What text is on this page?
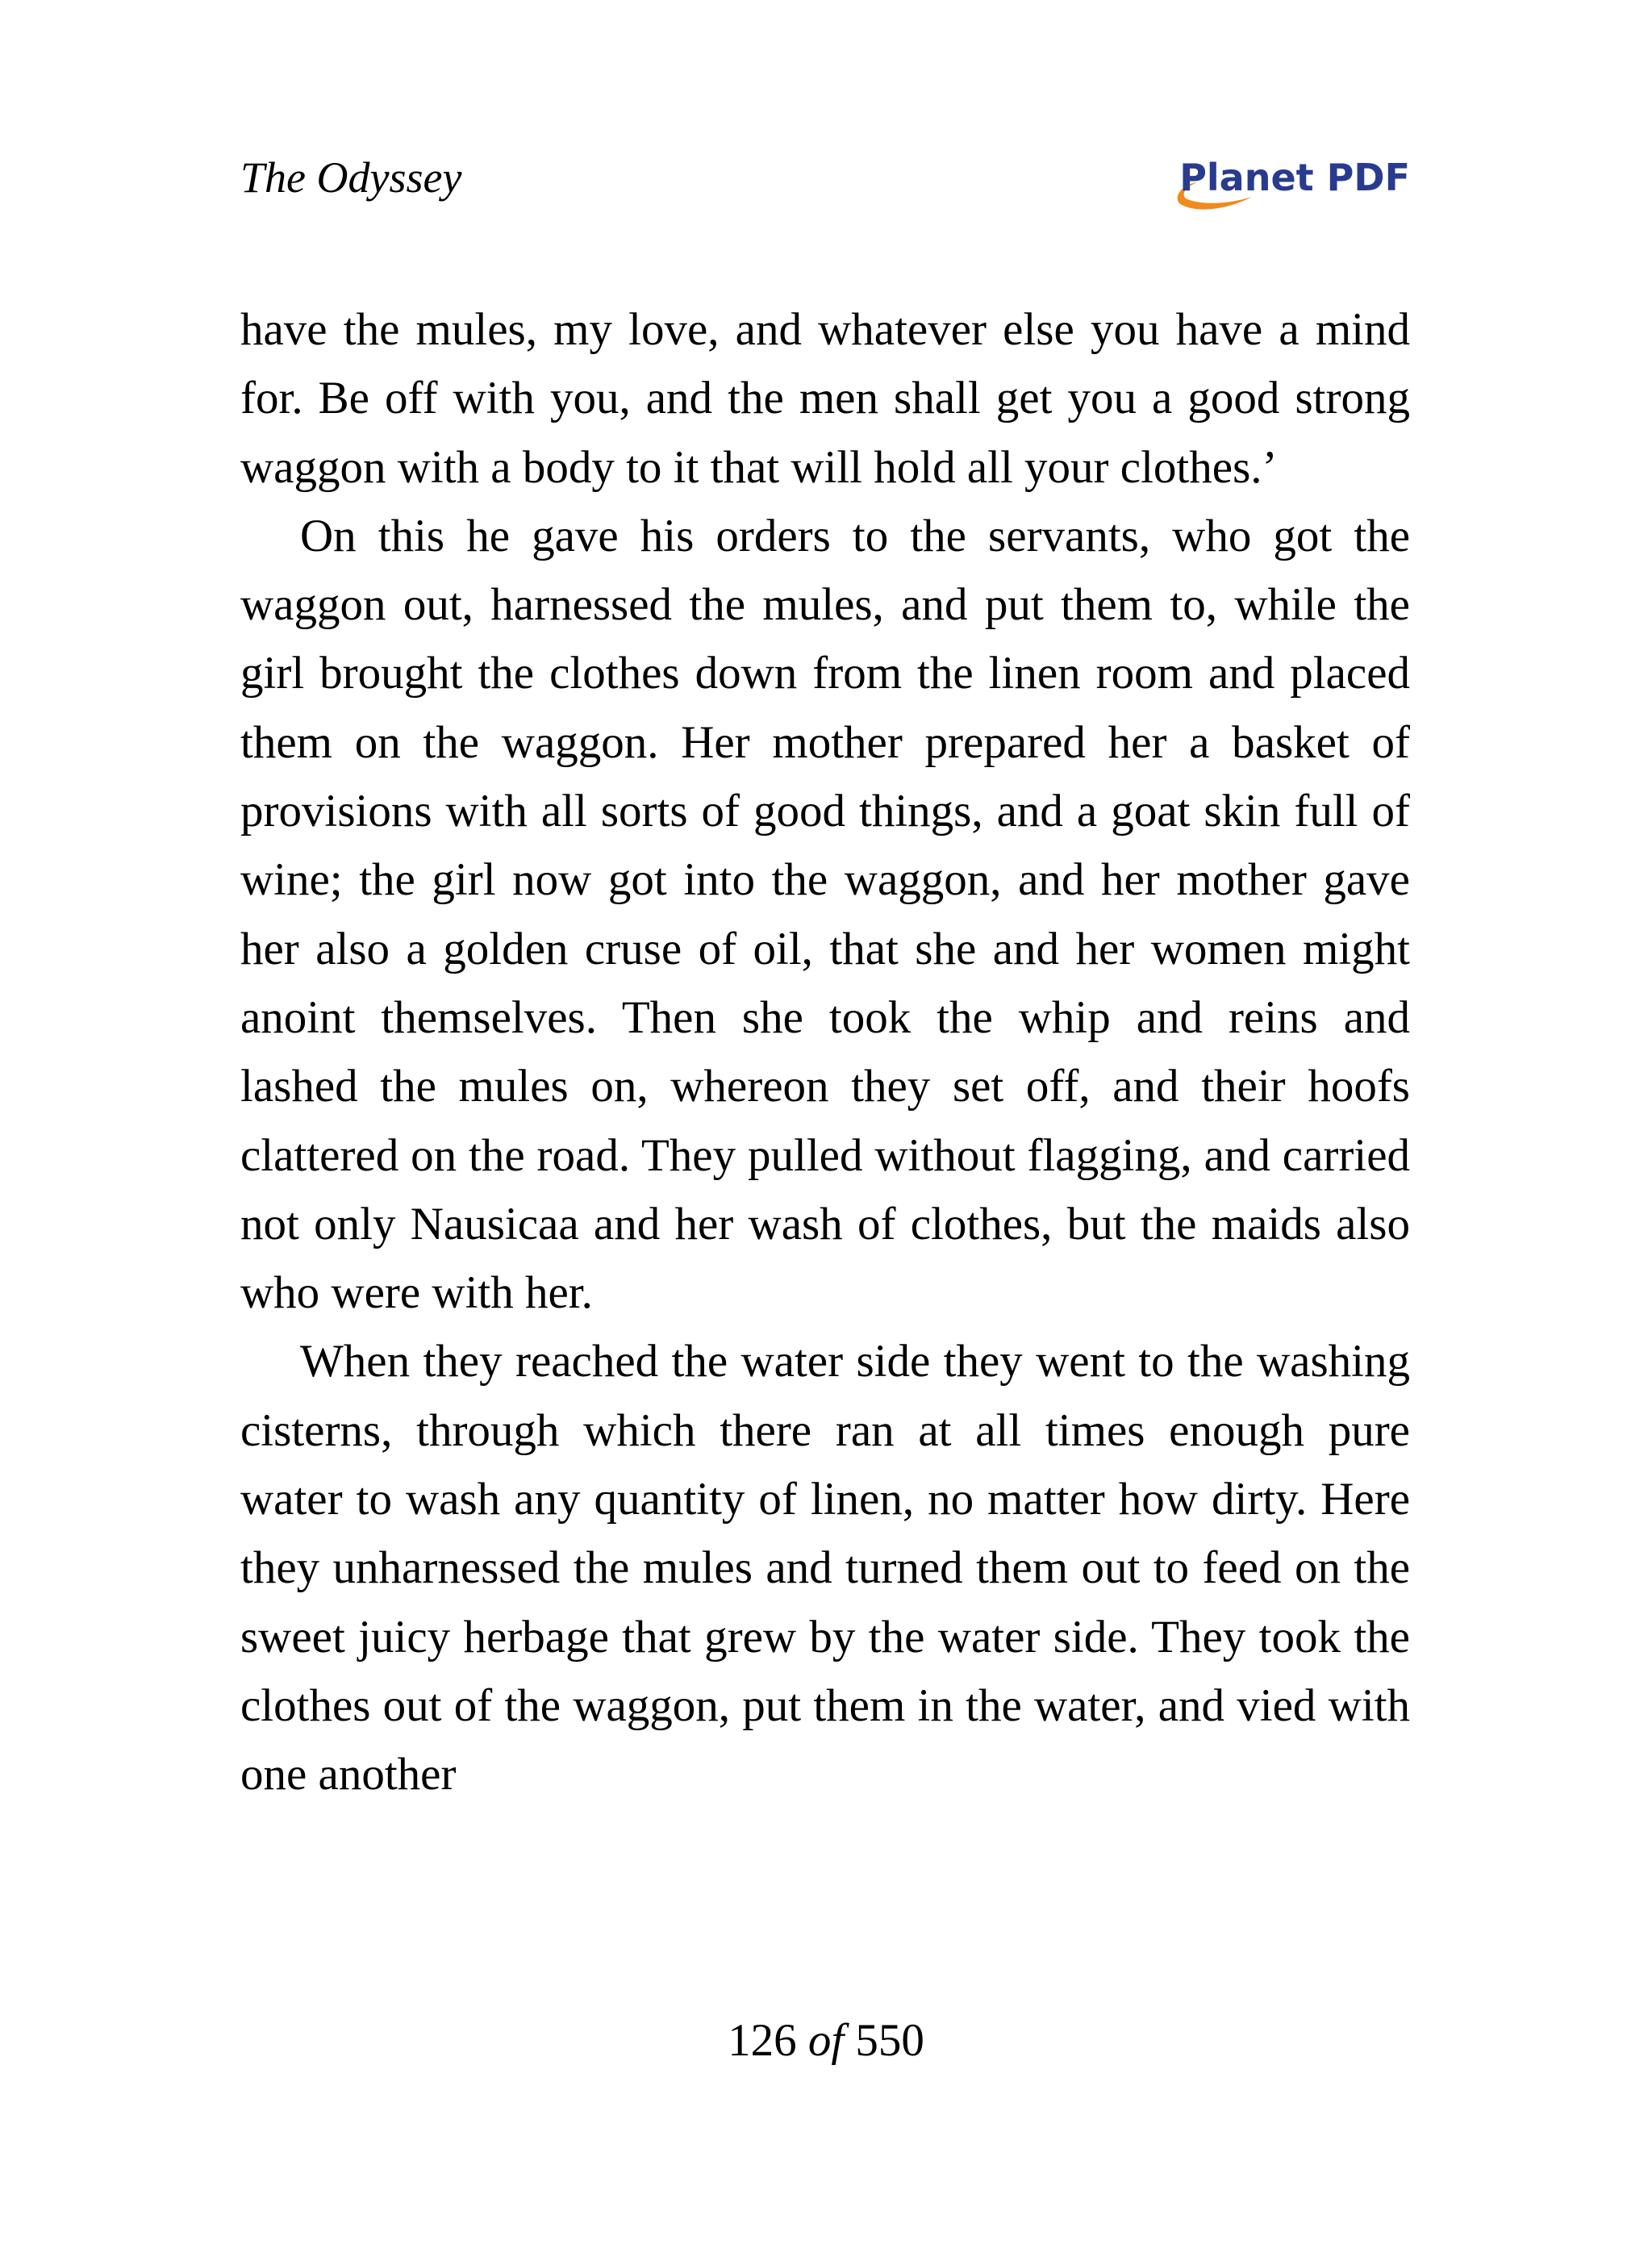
The Odyssey	Planet PDF

have the mules, my love, and whatever else you have a mind for. Be off with you, and the men shall get you a good strong waggon with a body to it that will hold all your clothes.’

On this he gave his orders to the servants, who got the waggon out, harnessed the mules, and put them to, while the girl brought the clothes down from the linen room and placed them on the waggon. Her mother prepared her a basket of provisions with all sorts of good things, and a goat skin full of wine; the girl now got into the waggon, and her mother gave her also a golden cruse of oil, that she and her women might anoint themselves. Then she took the whip and reins and lashed the mules on, whereon they set off, and their hoofs clattered on the road. They pulled without flagging, and carried not only Nausicaa and her wash of clothes, but the maids also who were with her.

When they reached the water side they went to the washing cisterns, through which there ran at all times enough pure water to wash any quantity of linen, no matter how dirty. Here they unharnessed the mules and turned them out to feed on the sweet juicy herbage that grew by the water side. They took the clothes out of the waggon, put them in the water, and vied with one another

126 of 550
